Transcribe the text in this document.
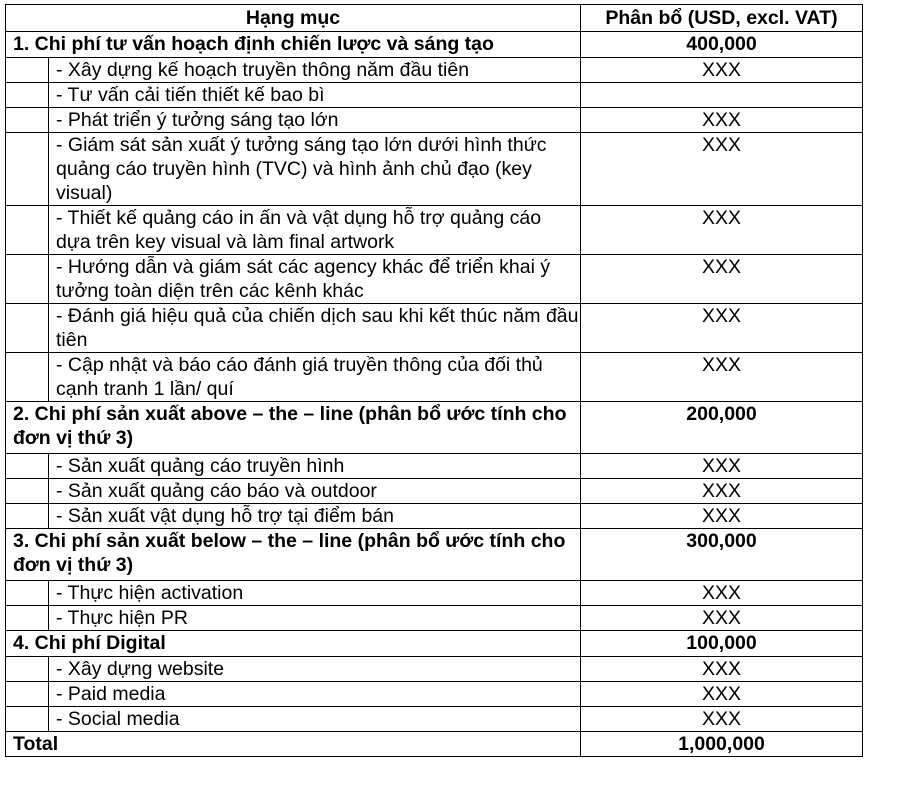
Hạng mục		Phân bổ (USD, excl. VAT)
1. Chi phí tư vấn hoạch định chiến lược và sáng tạo		400,000
	- Xây dựng kế hoạch truyền thông năm đầu tiên	XXX
	- Tư vấn cải tiến thiết kế bao bì	
	- Phát triển ý tưởng sáng tạo lớn	XXX
	- Giám sát sản xuất ý tưởng sáng tạo lớn dưới hình thức quảng cáo truyền hình (TVC) và hình ảnh chủ đạo (key visual)	XXX
	- Thiết kế quảng cáo in ấn và vật dụng hỗ trợ quảng cáo dựa trên key visual và làm final artwork	XXX
	- Hướng dẫn và giám sát các agency khác để triển khai ý tưởng toàn diện trên các kênh khác	XXX
	- Đánh giá hiệu quả của chiến dịch sau khi kết thúc năm đầu tiên	XXX
	- Cập nhật và báo cáo đánh giá truyền thông của đối thủ cạnh tranh 1 lần/ quí	XXX
2. Chi phí sản xuất above – the – line (phân bổ ước tính cho đơn vị thứ 3)		200,000
	- Sản xuất quảng cáo truyền hình	XXX
	- Sản xuất quảng cáo báo và outdoor	XXX
	- Sản xuất vật dụng hỗ trợ tại điểm bán	XXX
3. Chi phí sản xuất below – the – line (phân bổ ước tính cho đơn vị thứ 3)		300,000
	- Thực hiện activation	XXX
	- Thực hiện PR	XXX
4. Chi phí Digital		100,000
	- Xây dựng website	XXX
	- Paid media	XXX
	- Social media	XXX
Total		1,000,000
